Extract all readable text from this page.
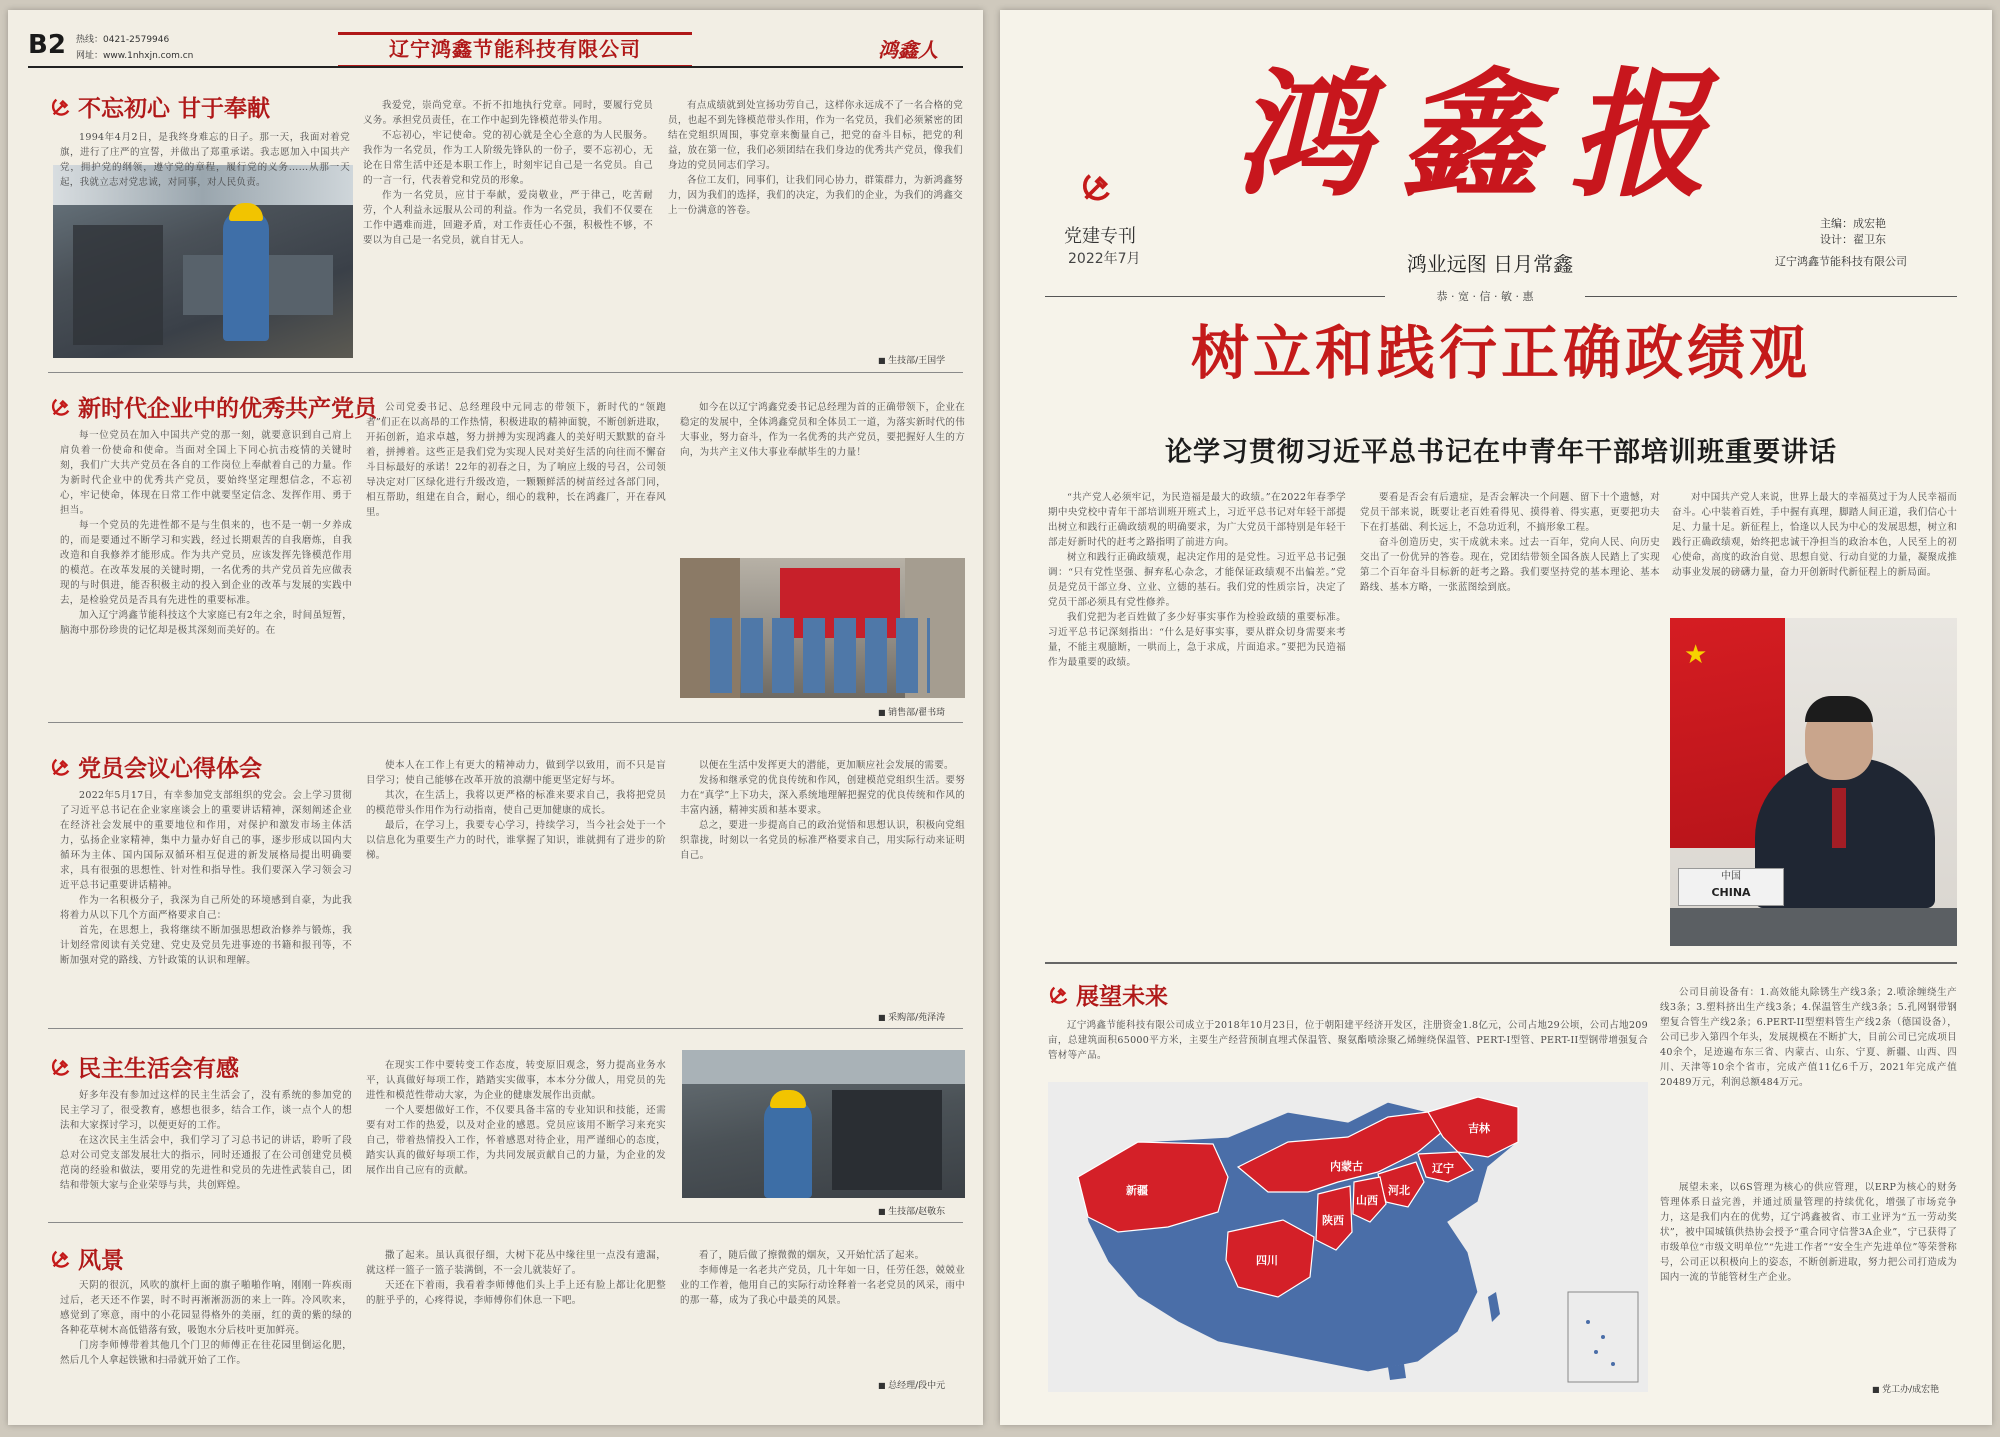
B2 热线：0421-2579946
网址：www.1nhxjn.com.cn	辽宁鸿鑫节能科技有限公司	鸿鑫人
不忘初心 甘于奉献

1994年4月2日，是我终身难忘的日子。那一天，我面对着党旗，进行了庄严的宣誓，并做出了郑重承诺。我志愿加入中国共产党，拥护党的纲领，遵守党的章程，履行党的义务……从那一天起，我就立志对党忠诚，对同事，对人民负责。

我爱党，崇尚党章。不折不扣地执行党章。同时，要履行党员义务。承担党员责任，在工作中起到先锋模范带头作用。

不忘初心，牢记使命。党的初心就是全心全意的为人民服务。我作为一名党员，作为工人阶级先锋队的一份子，要不忘初心，无论在日常生活中还是本职工作上，时刻牢记自己是一名党员。自己的一言一行，代表着党和党员的形象。

作为一名党员，应甘于奉献，爱岗敬业，严于律己，吃苦耐劳，个人利益永远服从公司的利益。作为一名党员，我们不仅要在工作中遇难而进，回避矛盾，对工作责任心不强，积极性不够，不要以为自己是一名党员，就自甘无人。

有点成绩就到处宣扬功劳自己，这样你永远成不了一名合格的党员，也起不到先锋模范带头作用，作为一名党员，我们必须紧密的团结在党组织周围，事党章来衡量自己，把党的奋斗目标，把党的利益，放在第一位，我们必须团结在我们身边的优秀共产党员，像我们身边的党员同志们学习。

各位工友们，同事们，让我们同心协力，群策群力，为新鸿鑫努力，因为我们的选择，我们的决定，为我们的企业，为我们的鸿鑫交上一份满意的答卷。

■ 生技部/王国学
新时代企业中的优秀共产党员

每一位党员在加入中国共产党的那一刻，就要意识到自己肩上肩负着一份使命和使命。当面对全国上下同心抗击疫情的关键时刻，我们广大共产党员在各自的工作岗位上奉献着自己的力量。作为新时代企业中的优秀共产党员，要始终坚定理想信念，不忘初心，牢记使命，体现在日常工作中就要坚定信念、发挥作用、勇于担当。

每一个党员的先进性都不是与生俱来的，也不是一朝一夕养成的，而是要通过不断学习和实践，经过长期艰苦的自我磨炼，自我改造和自我修养才能形成。作为共产党员，应该发挥先锋模范作用的模范。在改革发展的关键时期，一名优秀的共产党员首先应做表现的与时俱进，能否积极主动的投入到企业的改革与发展的实践中去，是检验党员是否具有先进性的重要标准。

加入辽宁鸿鑫节能科技这个大家庭已有2年之余，时间虽短暂，脑海中那份珍贵的记忆却是极其深刻而美好的。在

公司党委书记、总经理段中元同志的带领下，新时代的“领跑者”们正在以高昂的工作热情，积极进取的精神面貌，不断创新进取，开拓创新，追求卓越，努力拼搏为实现鸿鑫人的美好明天默默的奋斗着，拼搏着。这些正是我们党为实现人民对美好生活的向往而不懈奋斗目标最好的承诺！22年的初春之日，为了响应上级的号召，公司领导决定对厂区绿化进行升级改造，一颗颗鲜活的树苗经过各部门同，相互帮助，组建在自合，耐心，细心的栽种，长在鸿鑫厂，开在春风里。

如今在以辽宁鸿鑫党委书记总经理为首的正确带领下，企业在稳定的发展中，全体鸿鑫党员和全体员工一道，为落实新时代的伟大事业，努力奋斗，作为一名优秀的共产党员，要把握好人生的方向，为共产主义伟大事业奉献毕生的力量！

■ 销售部/翟书琦
党员会议心得体会

2022年5月17日，有幸参加党支部组织的党会。会上学习贯彻了习近平总书记在企业家座谈会上的重要讲话精神，深刻阐述企业在经济社会发展中的重要地位和作用，对保护和激发市场主体活力，弘扬企业家精神，集中力量办好自己的事，逐步形成以国内大循环为主体、国内国际双循环相互促进的新发展格局提出明确要求，具有很强的思想性、针对性和指导性。我们要深入学习领会习近平总书记重要讲话精神。

作为一名积极分子，我深为自己所处的环境感到自豪，为此我将着力从以下几个方面严格要求自己：

首先，在思想上，我将继续不断加强思想政治修养与锻炼，我计划经常阅读有关党建、党史及党员先进事迹的书籍和报刊等，不断加强对党的路线、方针政策的认识和理解。

使本人在工作上有更大的精神动力，做到学以致用，而不只是盲目学习；使自己能够在改革开放的浪潮中能更坚定好与坏。

其次，在生活上，我将以更严格的标准来要求自己，我将把党员的模范带头作用作为行动指南，使自己更加健康的成长。

最后，在学习上，我要专心学习，持续学习，当今社会处于一个以信息化为重要生产力的时代，谁掌握了知识，谁就拥有了进步的阶梯。

以便在生活中发挥更大的潜能，更加顺应社会发展的需要。

发扬和继承党的优良传统和作风，创建模范党组织生活。要努力在“真学”上下功夫，深入系统地理解把握党的优良传统和作风的丰富内涵，精神实质和基本要求。

总之，要进一步提高自己的政治觉悟和思想认识，积极向党组织靠拢，时刻以一名党员的标准严格要求自己，用实际行动来证明自己。

■ 采购部/苑泽涛
民主生活会有感

好多年没有参加过这样的民主生活会了，没有系统的参加党的民主学习了，很受教育，感想也很多，结合工作，谈一点个人的想法和大家探讨学习，以便更好的工作。

在这次民主生活会中，我们学习了习总书记的讲话，聆听了段总对公司党支部发展壮大的指示，同时还通报了在公司创建党员模范岗的经验和做法，要用党的先进性和党员的先进性武装自己，团结和带领大家与企业荣辱与共，共创辉煌。

在现实工作中要转变工作态度，转变原旧观念，努力提高业务水平，认真做好每项工作，踏踏实实做事，本本分分做人，用党员的先进性和模范性带动大家，为企业的健康发展作出贡献。

一个人要想做好工作，不仅要具备丰富的专业知识和技能，还需要有对工作的热爱，以及对企业的感恩。党员应该用不断学习来充实自己，带着热情投入工作，怀着感恩对待企业，用严谨细心的态度，踏实认真的做好每项工作，为共同发展贡献自己的力量，为企业的发展作出自己应有的贡献。

■ 生技部/赵敬东
风景

天阴的很沉，风吹的旗杆上面的旗子啪啪作响，刚刚一阵疾雨过后，老天还不作罢，时不时再淅淅沥沥的来上一阵。冷风吹来，感觉到了寒意，雨中的小花园显得格外的美丽，红的黄的紫的绿的各种花草树木高低错落有致，吸饱水分后枝叶更加鲜亮。

门房李师傅带着其他几个门卫的师傅正在往花园里倒运化肥，然后几个人拿起铁锹和扫帚就开始了工作。

撒了起来。虽认真很仔细，大树下花丛中缘往里一点没有遗漏，就这样一篮子一篮子装满倒，不一会儿就装好了。

天还在下着雨，我看着李师傅他们头上手上还有脸上都让化肥整的脏乎乎的，心疼得说，李师傅你们休息一下吧。

看了，随后做了擦微微的烟灰，又开始忙活了起来。

李师傅是一名老共产党员，几十年如一日，任劳任怨，兢兢业业的工作着，他用自己的实际行动诠释着一名老党员的风采，雨中的那一幕，成为了我心中最美的风景。

■ 总经理/段中元
党建专刊
2022年7月
鸿鑫报
鸿业远图 日月常鑫
主编：成宏艳
设计：翟卫东
辽宁鸿鑫节能科技有限公司
恭 · 宽 · 信 · 敏 · 惠
树立和践行正确政绩观
论学习贯彻习近平总书记在中青年干部培训班重要讲话

“共产党人必须牢记，为民造福是最大的政绩。”在2022年春季学期中央党校中青年干部培训班开班式上，习近平总书记对年轻干部提出树立和践行正确政绩观的明确要求，为广大党员干部特别是年轻干部走好新时代的赶考之路指明了前进方向。

树立和践行正确政绩观，起决定作用的是党性。习近平总书记强调：“只有党性坚强、摒弃私心杂念，才能保证政绩观不出偏差。”党员是党员干部立身、立业、立德的基石。我们党的性质宗旨，决定了党员干部必须具有党性修养。

我们党把为老百姓做了多少好事实事作为检验政绩的重要标准。习近平总书记深刻指出：“什么是好事实事，要从群众切身需要来考量，不能主观臆断，一哄而上，急于求成，片面追求。”要把为民造福作为最重要的政绩。

要看是否会有后遗症，是否会解决一个问题、留下十个遗憾，对党员干部来说，既要让老百姓看得见、摸得着、得实惠，更要把功夫下在打基础、利长远上，不急功近利，不搞形象工程。

奋斗创造历史，实干成就未来。过去一百年，党向人民、向历史交出了一份优异的答卷。现在，党团结带领全国各族人民踏上了实现第二个百年奋斗目标新的赶考之路。我们要坚持党的基本理论、基本路线、基本方略，一张蓝图绘到底。

对中国共产党人来说，世界上最大的幸福莫过于为人民幸福而奋斗。心中装着百姓，手中握有真理，脚踏人间正道，我们信心十足、力量十足。新征程上，恰逢以人民为中心的发展思想，树立和践行正确政绩观，始终把忠诚干净担当的政治本色，人民至上的初心使命，高度的政治自觉、思想自觉、行动自觉的力量，凝聚成推动事业发展的磅礴力量，奋力开创新时代新征程上的新局面。

★
中国
CHINA
展望未来

辽宁鸿鑫节能科技有限公司成立于2018年10月23日，位于朝阳建平经济开发区，注册资金1.8亿元，公司占地29公顷，公司占地209亩，总建筑面积65000平方米，主要生产经营预制直埋式保温管、聚氨酯喷涂聚乙烯缠绕保温管、PERT-I型管、PERT-II型钢带增强复合管材等产品。

公司目前设备有：1.高效能丸除锈生产线3条；2.喷涂缠绕生产线3条；3.塑料挤出生产线3条；4.保温管生产线3条；5.孔网钢带钢塑复合管生产线2条；6.PERT-II型塑料管生产线2条（德国设备），公司已步入第四个年头，发展规模在不断扩大，目前公司已完成项目40余个，足迹遍布东三省、内蒙古、山东、宁夏、新疆、山西、四川、天津等10余个省市，完成产值11亿6千万，2021年完成产值20489万元，利润总额484万元。

展望未来，以6S管理为核心的供应管理，以ERP为核心的财务管理体系日益完善，并通过质量管理的持续优化，增强了市场竞争力，这是我们内在的优势，辽宁鸿鑫被省、市工业评为“五一劳动奖状”，被中国城镇供热协会授予“重合同守信誉3A企业”，宁已获得了市级单位“市级文明单位”“先进工作者”“安全生产先进单位”等荣誉称号，公司正以积极向上的姿态，不断创新进取，努力把公司打造成为国内一流的节能管材生产企业。

■ 党工办/成宏艳
新疆
内蒙古
吉林
辽宁
河北
山西
陕西
四川
